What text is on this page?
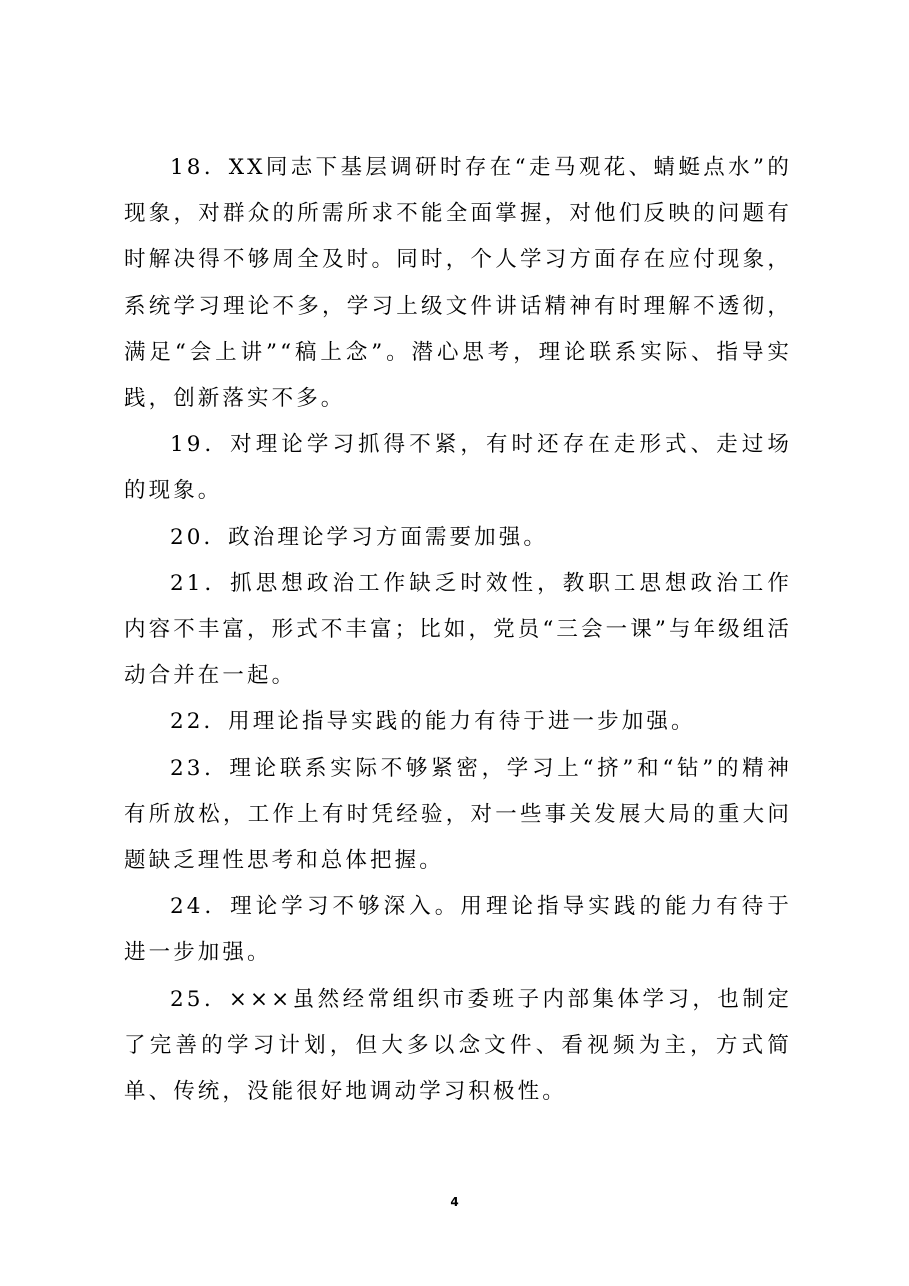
18．XX同志下基层调研时存在“走马观花、蜻蜓点水”的现象，对群众的所需所求不能全面掌握，对他们反映的问题有时解决得不够周全及时。同时，个人学习方面存在应付现象，系统学习理论不多，学习上级文件讲话精神有时理解不透彻，满足“会上讲”“稿上念”。潜心思考，理论联系实际、指导实践，创新落实不多。

19．对理论学习抓得不紧，有时还存在走形式、走过场的现象。

20．政治理论学习方面需要加强。

21．抓思想政治工作缺乏时效性，教职工思想政治工作内容不丰富，形式不丰富；比如，党员“三会一课”与年级组活动合并在一起。

22．用理论指导实践的能力有待于进一步加强。

23．理论联系实际不够紧密，学习上“挤”和“钻”的精神有所放松，工作上有时凭经验，对一些事关发展大局的重大问题缺乏理性思考和总体把握。

24．理论学习不够深入。用理论指导实践的能力有待于进一步加强。

25．×××虽然经常组织市委班子内部集体学习，也制定了完善的学习计划，但大多以念文件、看视频为主，方式简单、传统，没能很好地调动学习积极性。

4
